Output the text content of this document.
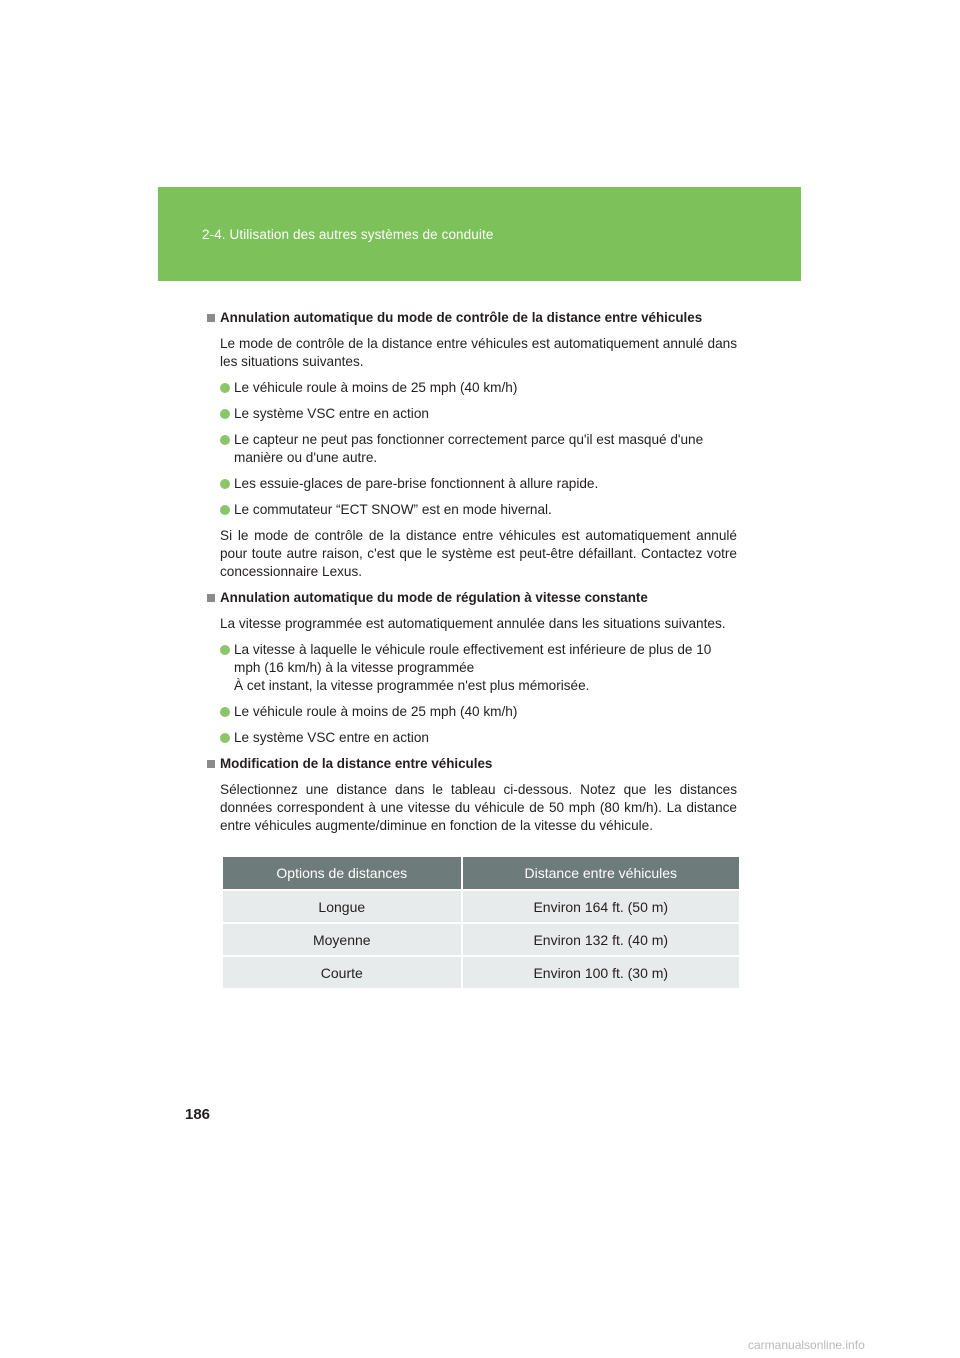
2-4. Utilisation des autres systèmes de conduite
Annulation automatique du mode de contrôle de la distance entre véhicules

Le mode de contrôle de la distance entre véhicules est automatiquement annulé dans les situations suivantes.

Le véhicule roule à moins de 25 mph (40 km/h)
Le système VSC entre en action
Le capteur ne peut pas fonctionner correctement parce qu'il est masqué d'une manière ou d'une autre.
Les essuie-glaces de pare-brise fonctionnent à allure rapide.
Le commutateur “ECT SNOW” est en mode hivernal.

Si le mode de contrôle de la distance entre véhicules est automatiquement annulé pour toute autre raison, c'est que le système est peut-être défaillant. Contactez votre concessionnaire Lexus.

Annulation automatique du mode de régulation à vitesse constante

La vitesse programmée est automatiquement annulée dans les situations suivantes.

La vitesse à laquelle le véhicule roule effectivement est inférieure de plus de 10 mph (16 km/h) à la vitesse programmée
À cet instant, la vitesse programmée n'est plus mémorisée.
Le véhicule roule à moins de 25 mph (40 km/h)
Le système VSC entre en action
Modification de la distance entre véhicules

Sélectionnez une distance dans le tableau ci-dessous. Notez que les distances données correspondent à une vitesse du véhicule de 50 mph (80 km/h). La distance entre véhicules augmente/diminue en fonction de la vitesse du véhicule.

Options de distances	Distance entre véhicules
Longue	Environ 164 ft. (50 m)
Moyenne	Environ 132 ft. (40 m)
Courte	Environ 100 ft. (30 m)
186
carmanualsonline.info
